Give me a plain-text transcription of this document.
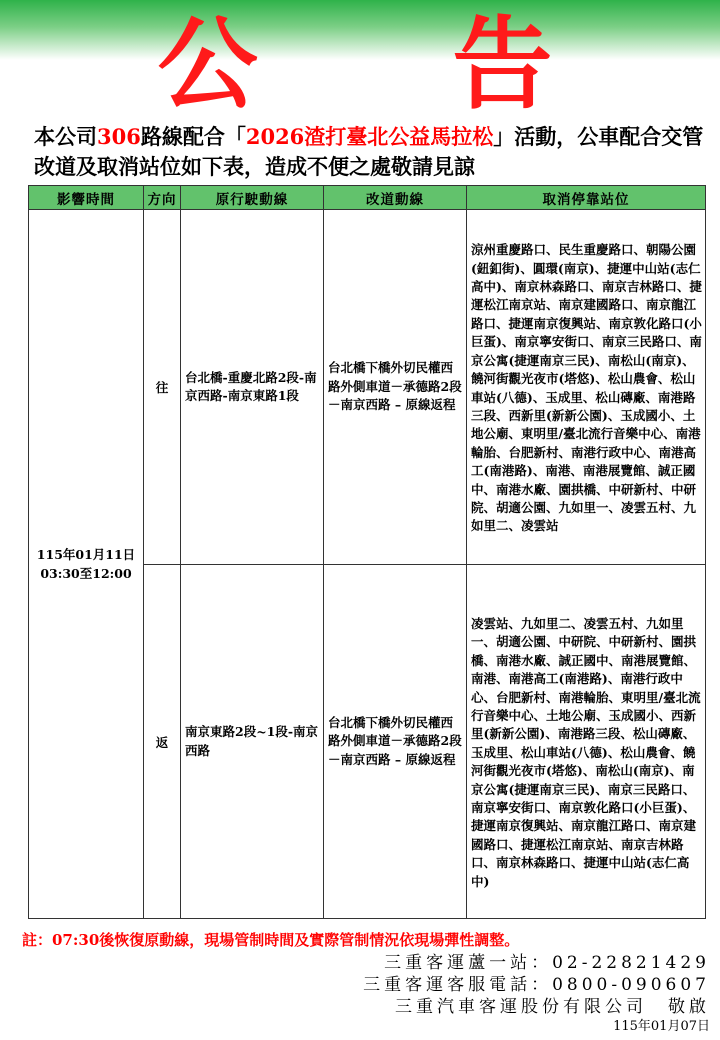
公 告
本公司306路線配合「2026渣打臺北公益馬拉松」活動，公車配合交管改道及取消站位如下表，造成不便之處敬請見諒
影響時間	方向	原行駛動線	改道動線	取消停靠站位

115年01月11日
03:30至12:00	往	台北橋-重慶北路2段-南京西路-南京東路1段	台北橋下橋外切民權西路外側車道－承德路2段－南京西路 – 原線返程	涼州重慶路口、民生重慶路口、朝陽公園(鈕釦街)、圓環(南京)、捷運中山站(志仁高中)、南京林森路口、南京吉林路口、捷運松江南京站、南京建國路口、南京龍江路口、捷運南京復興站、南京敦化路口(小巨蛋)、南京寧安街口、南京三民路口、南京公寓(捷運南京三民)、南松山(南京)、饒河街觀光夜市(塔悠)、松山農會、松山車站(八德)、玉成里、松山磚廠、南港路三段、西新里(新新公園)、玉成國小、土地公廟、東明里/臺北流行音樂中心、南港輪胎、台肥新村、南港行政中心、南港高工(南港路)、南港、南港展覽館、誠正國中、南港水廠、園拱橋、中研新村、中研院、胡適公園、九如里一、凌雲五村、九如里二、凌雲站
	返	南京東路2段~1段-南京西路	台北橋下橋外切民權西路外側車道－承德路2段－南京西路 – 原線返程	凌雲站、九如里二、凌雲五村、九如里一、胡適公園、中研院、中研新村、園拱橋、南港水廠、誠正國中、南港展覽館、南港、南港高工(南港路)、南港行政中心、台肥新村、南港輪胎、東明里/臺北流行音樂中心、土地公廟、玉成國小、西新里(新新公園)、南港路三段、松山磚廠、玉成里、松山車站(八德)、松山農會、饒河街觀光夜市(塔悠)、南松山(南京)、南京公寓(捷運南京三民)、南京三民路口、南京寧安街口、南京敦化路口(小巨蛋)、捷運南京復興站、南京龍江路口、南京建國路口、捷運松江南京站、南京吉林路口、南京林森路口、捷運中山站(志仁高中)
註：07:30後恢復原動線，現場管制時間及實際管制情況依現場彈性調整。
三重客運蘆一站：02-22821429
三重客運客服電話：0800-090607
三重汽車客運股份有限公司　敬啟
115年01月07日
